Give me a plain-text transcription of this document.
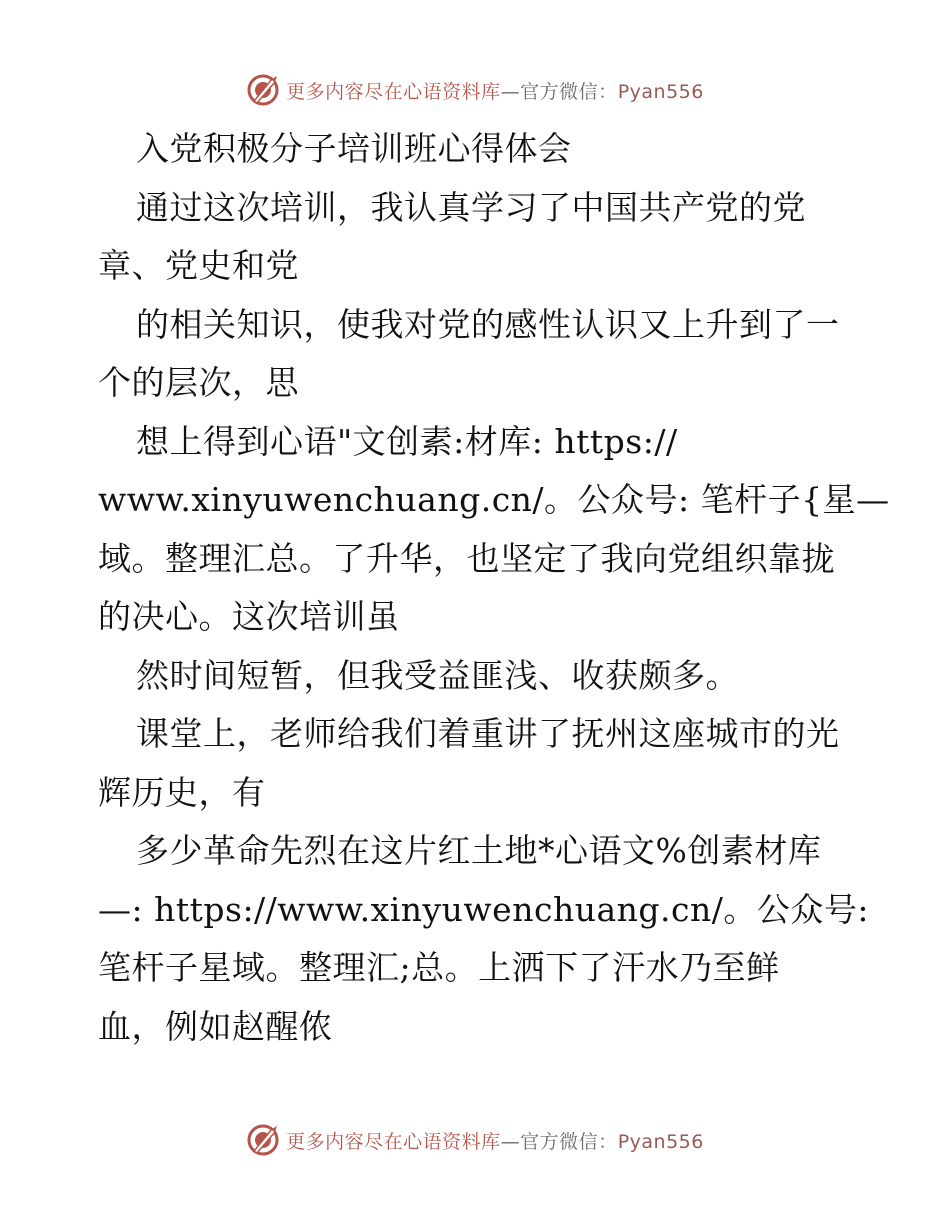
更多内容尽在心语资料库—官方微信：Pyan556
入党积极分子培训班心得体会
通过这次培训，我认真学习了中国共产党的党
章、党史和党
的相关知识，使我对党的感性认识又上升到了一
个的层次，思
想上得到心语"文创素:材库: https://
www.xinyuwenchuang.cn/。公众号: 笔杆子{星—
域。整理汇总。了升华，也坚定了我向党组织靠拢
的决心。这次培训虽
然时间短暂，但我受益匪浅、收获颇多。
课堂上，老师给我们着重讲了抚州这座城市的光
辉历史，有
多少革命先烈在这片红土地*心语文%创素材库
—: https://www.xinyuwenchuang.cn/。公众号:
笔杆子星域。整理汇;总。上洒下了汗水乃至鲜
血，例如赵醒侬
更多内容尽在心语资料库—官方微信：Pyan556
